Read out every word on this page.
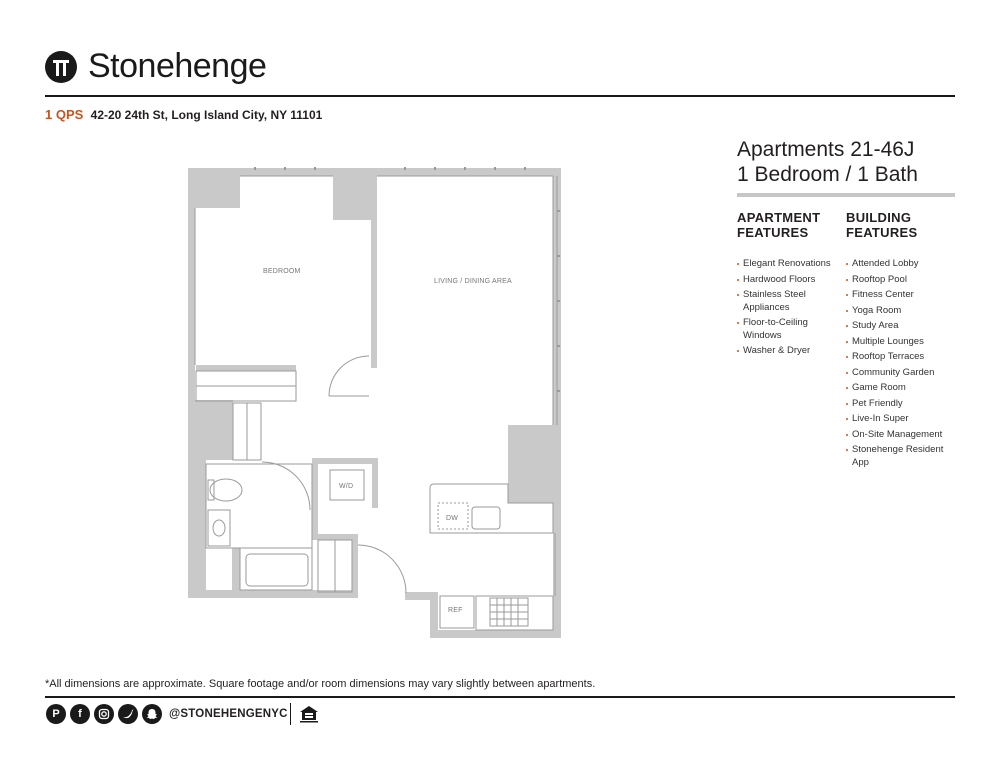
Stonehenge
1 QPS 42-20 24th St, Long Island City, NY 11101
BEDROOM
LIVING / DINING AREA
W/D
DW
REF
Apartments 21-46J
1 Bedroom / 1 Bath
APARTMENT
FEATURES
Elegant Renovations
Hardwood Floors
Stainless Steel Appliances
Floor-to-Ceiling Windows
Washer & Dryer
BUILDING
FEATURES
Attended Lobby
Rooftop Pool
Fitness Center
Yoga Room
Study Area
Multiple Lounges
Rooftop Terraces
Community Garden
Game Room
Pet Friendly
Live-In Super
On-Site Management
Stonehenge Resident App
*All dimensions are approximate. Square footage and/or room dimensions may vary slightly between apartments.
P	f	@STONEHENGENYC
